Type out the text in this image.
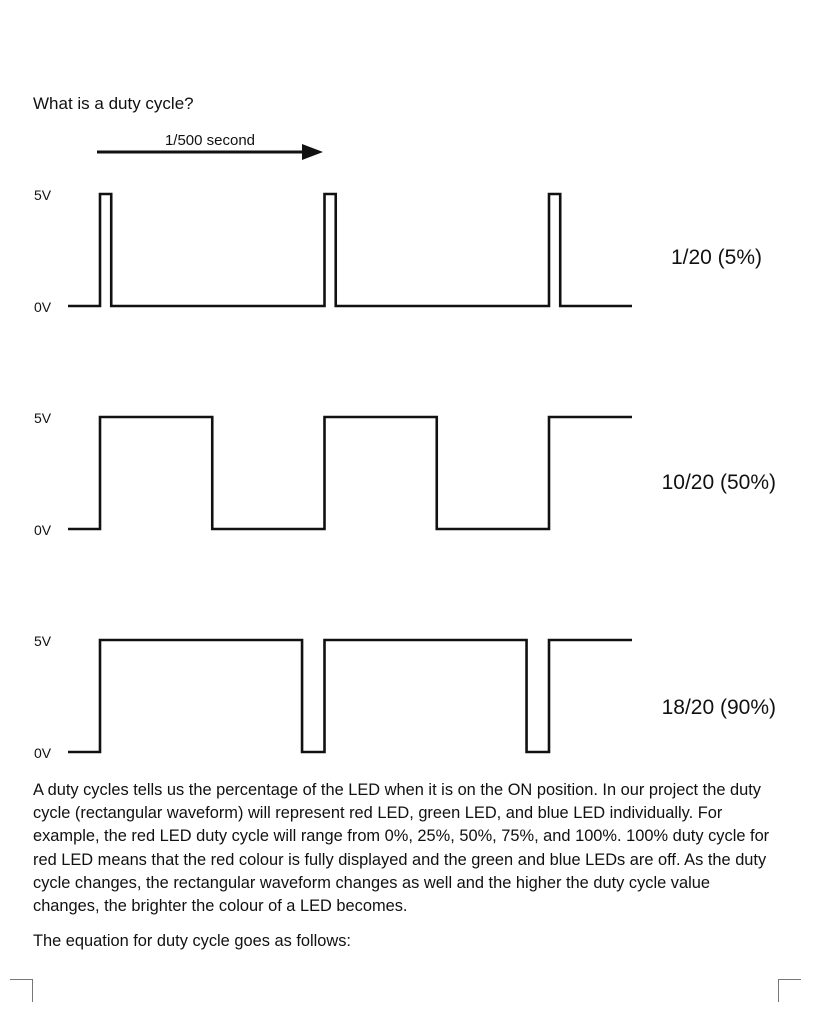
What is a duty cycle?
1/500 second
5V
0V
1/20 (5%)
5V
0V
10/20 (50%)
5V
0V
18/20 (90%)

A duty cycles tells us the percentage of the LED when it is on the ON position. In our project the duty cycle (rectangular waveform) will represent red LED, green LED, and blue LED individually. For example, the red LED duty cycle will range from 0%, 25%, 50%, 75%, and 100%. 100% duty cycle for red LED means that the red colour is fully displayed and the green and blue LEDs are off. As the duty cycle changes, the rectangular waveform changes as well and the higher the duty cycle value changes, the brighter the colour of a LED becomes.

The equation for duty cycle goes as follows:
